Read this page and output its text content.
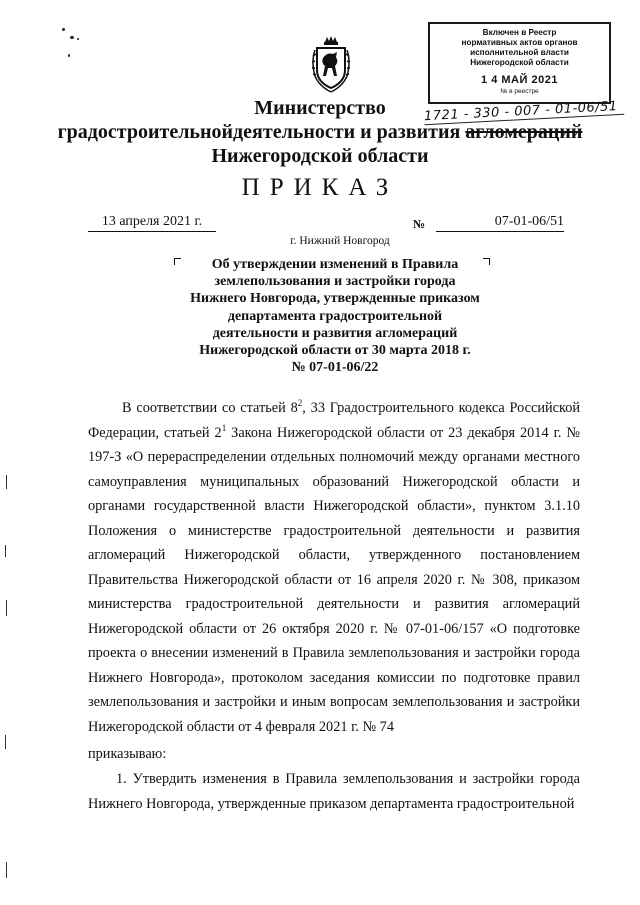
Включен в Реестр
нормативных актов органов
исполнительной власти
Нижегородской области
1 4 МАЙ 2021
№ в реестре
1721 - 330 - 007 - 01-06/51
Министерство
градостроительнойдеятельности и развития агломераций
Нижегородской области
ПРИКАЗ
13 апреля 2021 г.	№	07-01-06/51
г. Нижний Новгород
Об утверждении изменений в Правила
землепользования и застройки города
Нижнего Новгорода, утвержденные приказом
департамента градостроительной
деятельности и развития агломераций
Нижегородской области от 30 марта 2018 г.
№ 07-01-06/22
В соответствии со статьей $8^2$, 33 Градостроительного кодекса Российской Федерации, статьей $2^1$ Закона Нижегородской области от 23 декабря 2014 г. № 197-З «О перераспределении отдельных полномочий между органами местного самоуправления муниципальных образований Нижегородской области и органами государственной власти Нижегородской области», пунктом 3.1.10 Положения о министерстве градостроительной деятельности и развития агломераций Нижегородской области, утвержденного постановлением Правительства Нижегородской области от 16 апреля 2020 г. № 308, приказом министерства градостроительной деятельности и развития агломераций Нижегородской области от 26 октября 2020 г. № 07-01-06/157 «О подготовке проекта о внесении изменений в Правила землепользования и застройки города Нижнего Новгорода», протоколом заседания комиссии по подготовке правил землепользования и застройки и иным вопросам землепользования и застройки Нижегородской области от 4 февраля 2021 г. № 74
приказываю:
1. Утвердить изменения в Правила землепользования и застройки города Нижнего Новгорода, утвержденные приказом департамента градостроительной
